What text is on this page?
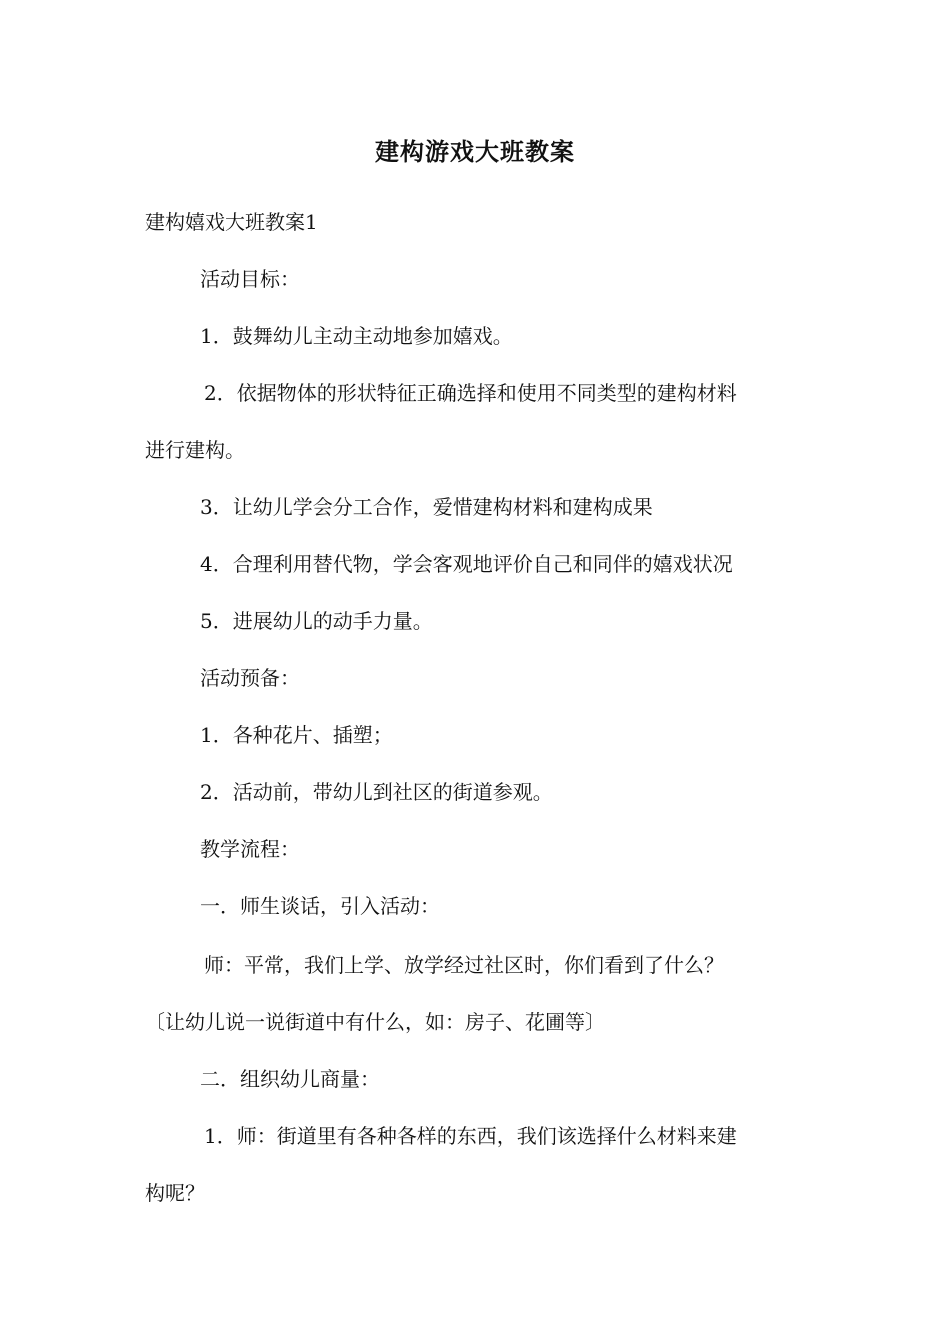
建构游戏大班教案
建构嬉戏大班教案1
活动目标：
1．鼓舞幼儿主动主动地参加嬉戏。
2．依据物体的形状特征正确选择和使用不同类型的建构材料
进行建构。
3．让幼儿学会分工合作，爱惜建构材料和建构成果
4．合理利用替代物，学会客观地评价自己和同伴的嬉戏状况
5．进展幼儿的动手力量。
活动预备：
1．各种花片、插塑；
2．活动前，带幼儿到社区的街道参观。
教学流程：
一．师生谈话，引入活动：
师：平常，我们上学、放学经过社区时，你们看到了什么？
〔让幼儿说一说街道中有什么，如：房子、花圃等〕
二．组织幼儿商量：
1．师：街道里有各种各样的东西，我们该选择什么材料来建
构呢？
